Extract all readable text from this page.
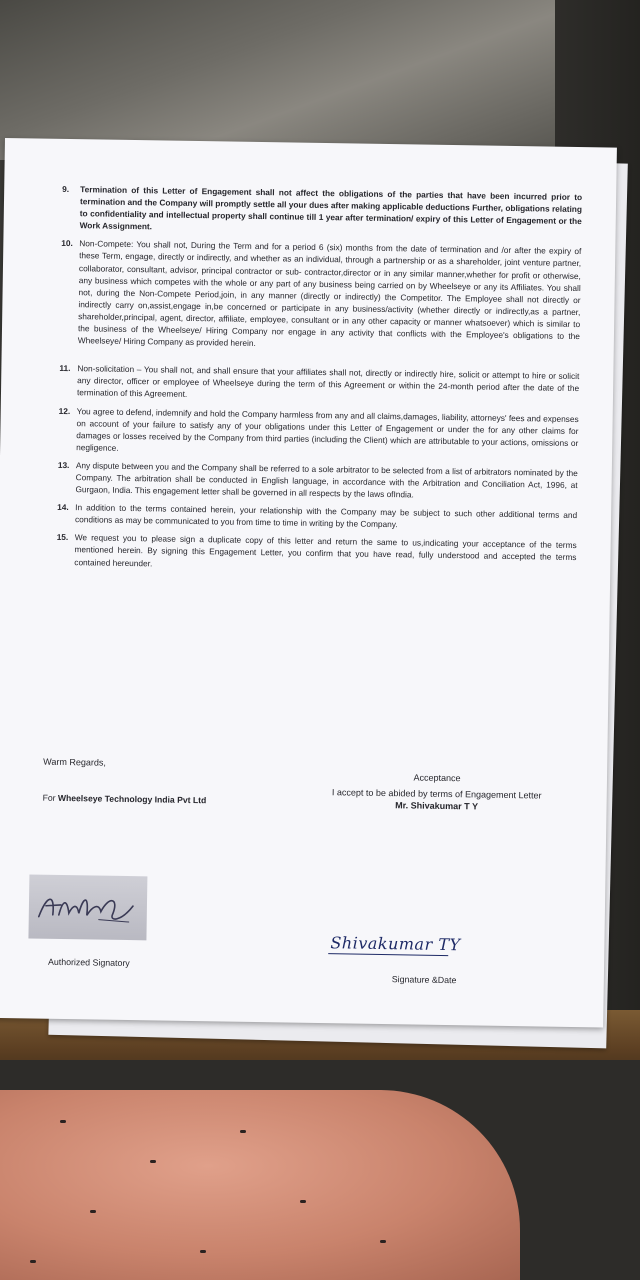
9. Termination of this Letter of Engagement shall not affect the obligations of the parties that have been incurred prior to termination and the Company will promptly settle all your dues after making applicable deductions Further, obligations relating to confidentiality and intellectual property shall continue till 1 year after termination/ expiry of this Letter of Engagement or the Work Assignment.
10. Non-Compete: You shall not, During the Term and for a period 6 (six) months from the date of termination and /or after the expiry of these Term, engage, directly or indirectly, and whether as an individual, through a partnership or as a shareholder, joint venture partner, collaborator, consultant, advisor, principal contractor or sub- contractor,director or in any similar manner,whether for profit or otherwise, any business which competes with the whole or any part of any business being carried on by Wheelseye or any its Affiliates. You shall not, during the Non-Compete Period,join, in any manner (directly or indirectly) the Competitor. The Employee shall not directly or indirectly carry on,assist,engage in,be concerned or participate in any business/activity (whether directly or indirectly,as a partner, shareholder,principal, agent, director, affiliate, employee, consultant or in any other capacity or manner whatsoever) which is similar to the business of the Wheelseye/ Hiring Company nor engage in any activity that conflicts with the Employee's obligations to the Wheelseye/ Hiring Company as provided herein.
11. Non-solicitation – You shall not, and shall ensure that your affiliates shall not, directly or indirectly hire, solicit or attempt to hire or solicit any director, officer or employee of Wheelseye during the term of this Agreement or within the 24-month period after the date of the termination of this Agreement.
12. You agree to defend, indemnify and hold the Company harmless from any and all claims,damages, liability, attorneys' fees and expenses on account of your failure to satisfy any of your obligations under this Letter of Engagement or under the for any other claims for damages or losses received by the Company from third parties (including the Client) which are attributable to your actions, omissions or negligence.
13. Any dispute between you and the Company shall be referred to a sole arbitrator to be selected from a list of arbitrators nominated by the Company. The arbitration shall be conducted in English language, in accordance with the Arbitration and Conciliation Act, 1996, at Gurgaon, India. This engagement letter shall be governed in all respects by the laws ofIndia.
14. In addition to the terms contained herein, your relationship with the Company may be subject to such other additional terms and conditions as may be communicated to you from time to time in writing by the Company.
15. We request you to please sign a duplicate copy of this letter and return the same to us,indicating your acceptance of the terms mentioned herein. By signing this Engagement Letter, you confirm that you have read, fully understood and accepted the terms contained hereunder.
Warm Regards,
For Wheelseye Technology India Pvt Ltd
Acceptance
I accept to be abided by terms of Engagement Letter
Mr. Shivakumar T Y
Authorized Signatory
Shivakumar TY
Signature &Date
